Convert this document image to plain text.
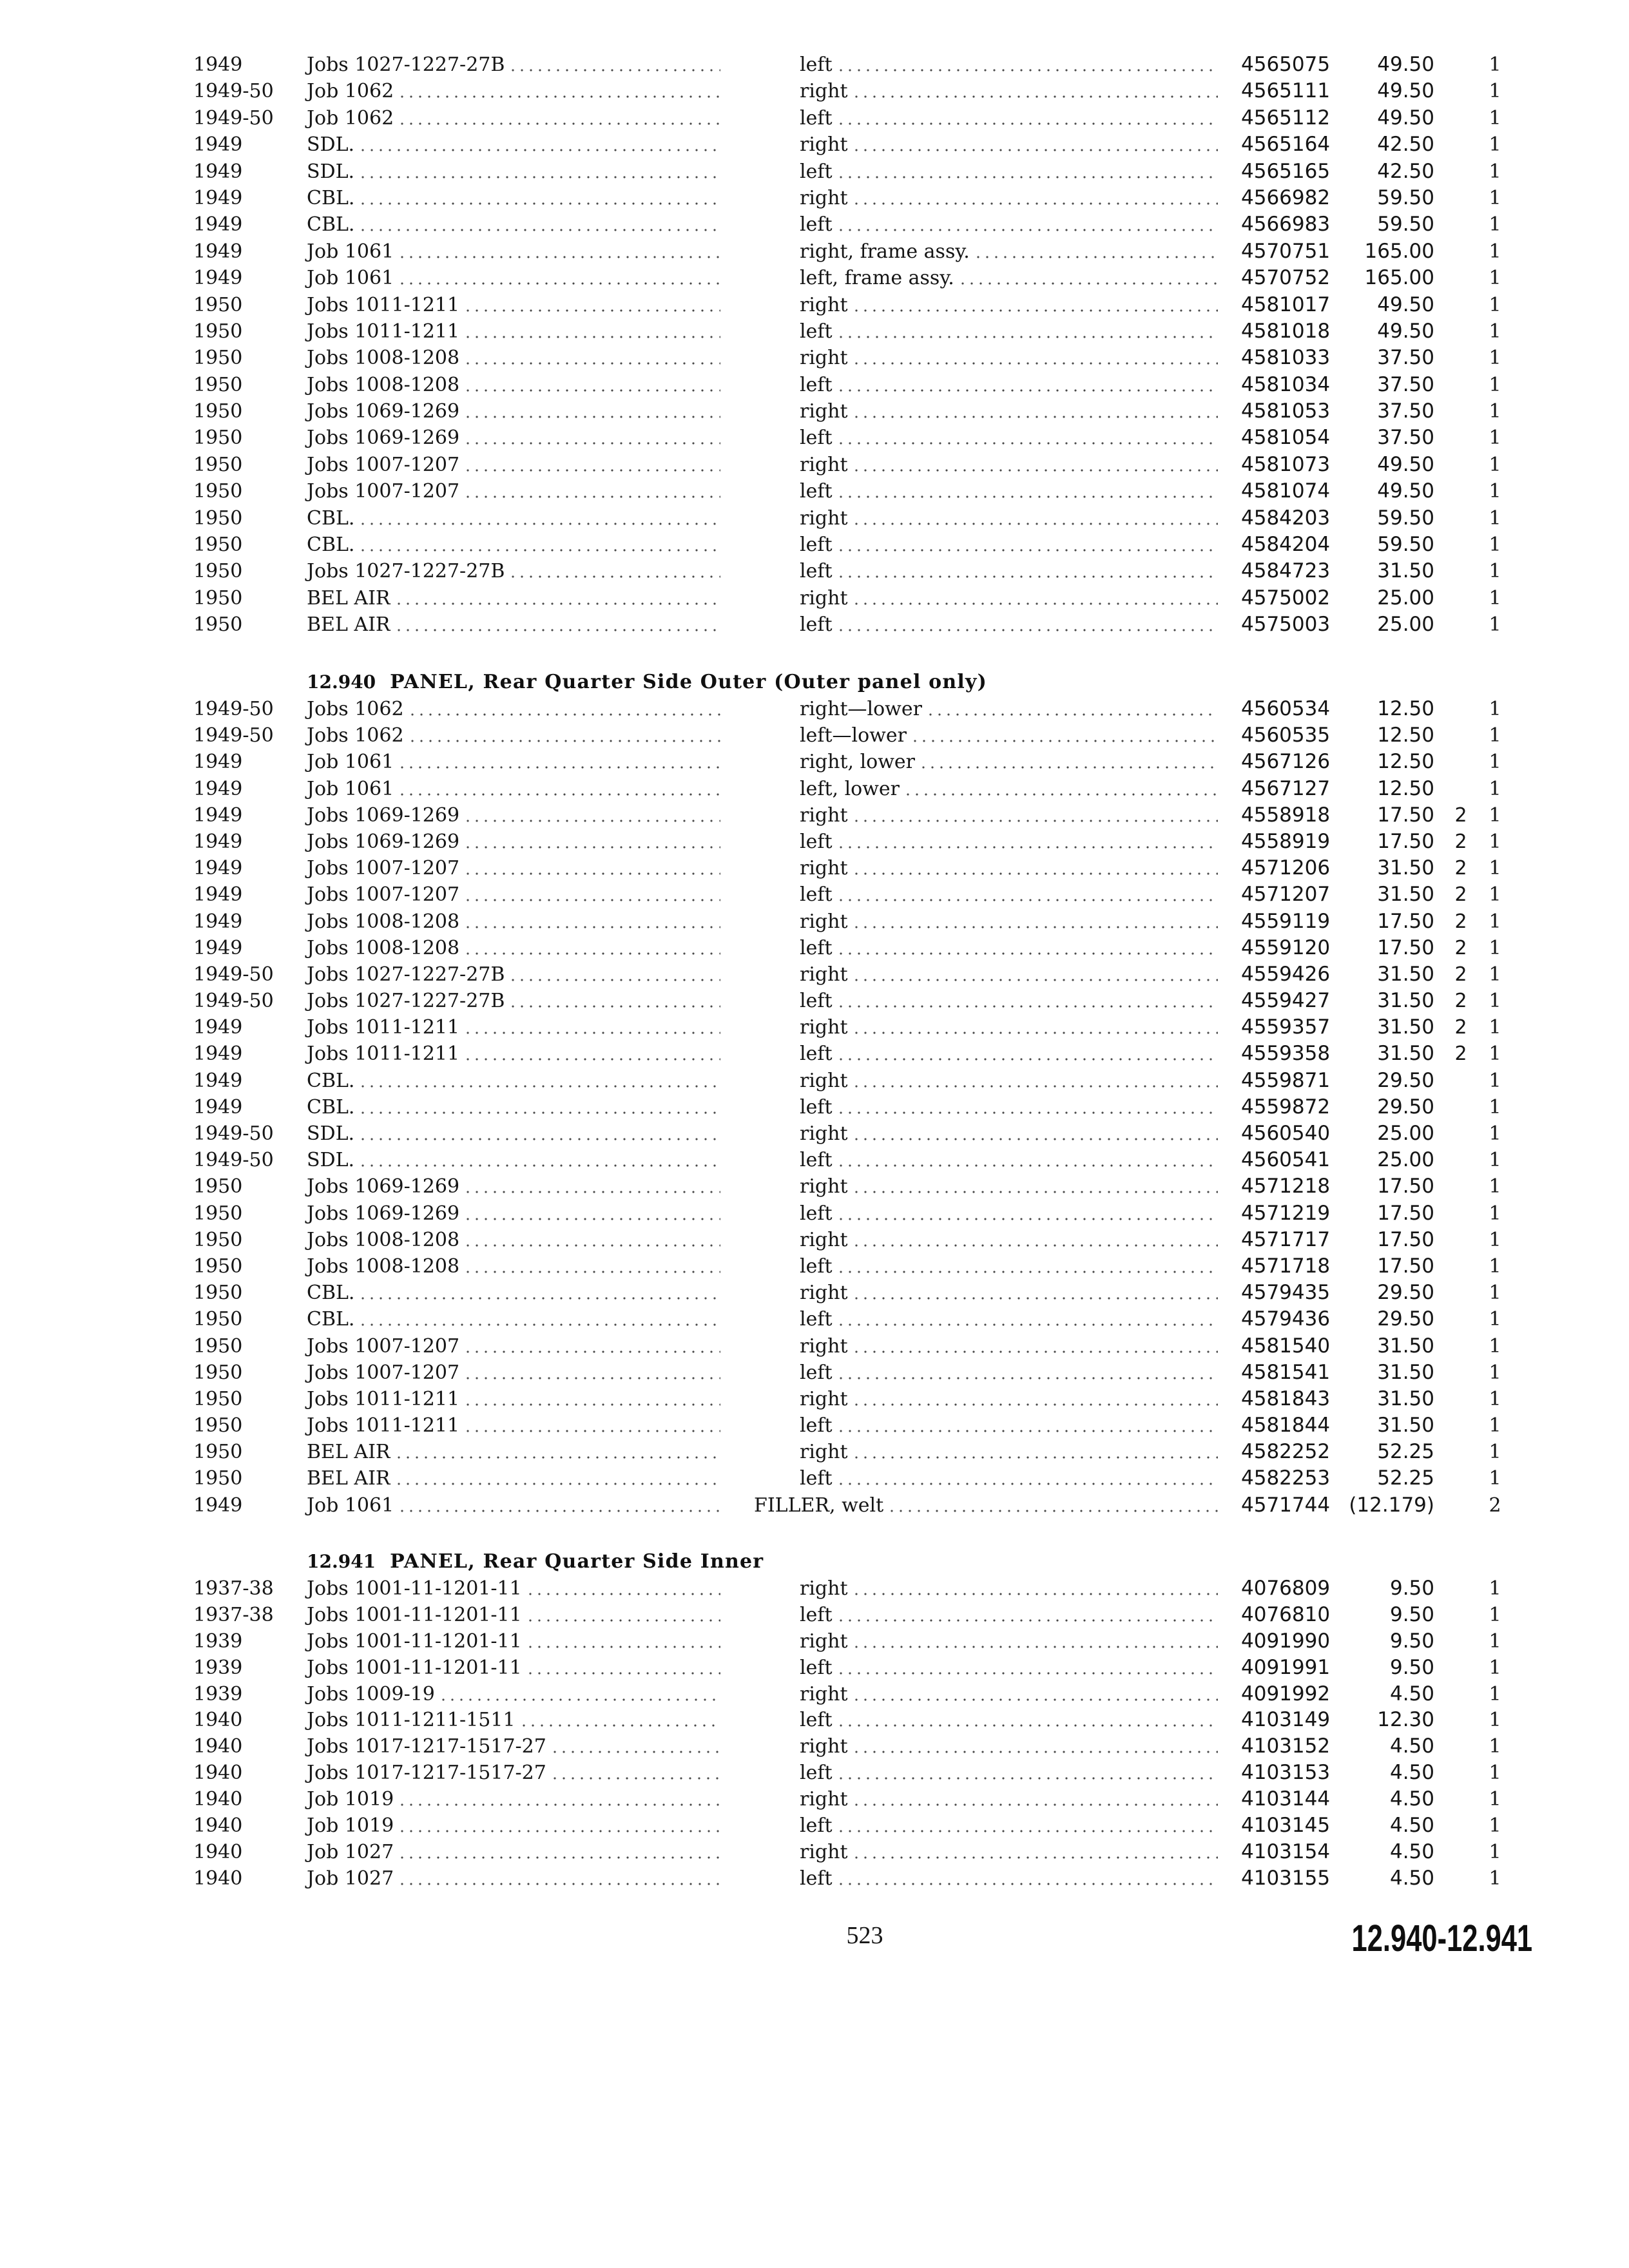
523	12.940-12.941
1949	Jobs 1027-1227-27B	left	4565075	49.50	1
1949-50 Job 1062	right	4565111	49.50	1
1949-50 Job 1062	left	4565112	49.50	1
1949	SDL.	right	4565164	42.50	1
1949	SDL.	left	4565165	42.50	1
1949	CBL.	right	4566982	59.50	1
1949	CBL.	left	4566983	59.50	1
1949	Job 1061	right, frame assy.	4570751	165.00	1
1949	Job 1061	left, frame assy.	4570752	165.00	1
1950	Jobs 1011-1211	right	4581017	49.50	1
1950	Jobs 1011-1211	left	4581018	49.50	1
1950	Jobs 1008-1208	right	4581033	37.50	1
1950	Jobs 1008-1208	left	4581034	37.50	1
1950	Jobs 1069-1269	right	4581053	37.50	1
1950	Jobs 1069-1269	left	4581054	37.50	1
1950	Jobs 1007-1207	right	4581073	49.50	1
1950	Jobs 1007-1207	left	4581074	49.50	1
1950	CBL.	right	4584203	59.50	1
1950	CBL.	left	4584204	59.50	1
1950	Jobs 1027-1227-27B	left	4584723	31.50	1
1950	BEL AIR	right	4575002	25.00	1
1950	BEL AIR	left	4575003	25.00	1
12.940 PANEL, Rear Quarter Side Outer (Outer panel only)
1949-50 Jobs 1062	right—lower	4560534	12.50	1
1949-50 Jobs 1062	left—lower	4560535	12.50	1
1949	Job 1061	right, lower	4567126	12.50	1
1949	Job 1061	left, lower	4567127	12.50	1
1949	Jobs 1069-1269	right	4558918	17.50 2 1
1949	Jobs 1069-1269	left	4558919	17.50 2 1
1949	Jobs 1007-1207	right	4571206	31.50 2 1
1949	Jobs 1007-1207	left	4571207	31.50 2 1
1949	Jobs 1008-1208	right	4559119	17.50 2 1
1949	Jobs 1008-1208	left	4559120	17.50 2 1
1949-50 Jobs 1027-1227-27B	right	4559426	31.50 2 1
1949-50 Jobs 1027-1227-27B	left	4559427	31.50 2 1
1949	Jobs 1011-1211	right	4559357	31.50 2 1
1949	Jobs 1011-1211	left	4559358	31.50 2 1
1949	CBL.	right	4559871	29.50	1
1949	CBL.	left	4559872	29.50	1
1949-50 SDL.	right	4560540	25.00	1
1949-50 SDL.	left	4560541	25.00	1
1950	Jobs 1069-1269	right	4571218	17.50	1
1950	Jobs 1069-1269	left	4571219	17.50	1
1950	Jobs 1008-1208	right	4571717	17.50	1
1950	Jobs 1008-1208	left	4571718	17.50	1
1950	CBL.	right	4579435	29.50	1
1950	CBL.	left	4579436	29.50	1
1950	Jobs 1007-1207	right	4581540	31.50	1
1950	Jobs 1007-1207	left	4581541	31.50	1
1950	Jobs 1011-1211	right	4581843	31.50	1
1950	Jobs 1011-1211	left	4581844	31.50	1
1950	BEL AIR	right	4582252	52.25	1
1950	BEL AIR	left	4582253	52.25	1
1949	Job 1061	FILLER, welt	4571744 (12.179)	2
12.941 PANEL, Rear Quarter Side Inner
1937-38 Jobs 1001-11-1201-11	right	4076809	9.50	1
1937-38 Jobs 1001-11-1201-11	left	4076810	9.50	1
1939	Jobs 1001-11-1201-11	right	4091990	9.50	1
1939	Jobs 1001-11-1201-11	left	4091991	9.50	1
1939	Jobs 1009-19	right	4091992	4.50	1
1940	Jobs 1011-1211-1511	left	4103149	12.30	1
1940	Jobs 1017-1217-1517-27	right	4103152	4.50	1
1940	Jobs 1017-1217-1517-27	left	4103153	4.50	1
1940	Job 1019	right	4103144	4.50	1
1940	Job 1019	left	4103145	4.50	1
1940	Job 1027	right	4103154	4.50	1
1940	Job 1027	left	4103155	4.50	1
